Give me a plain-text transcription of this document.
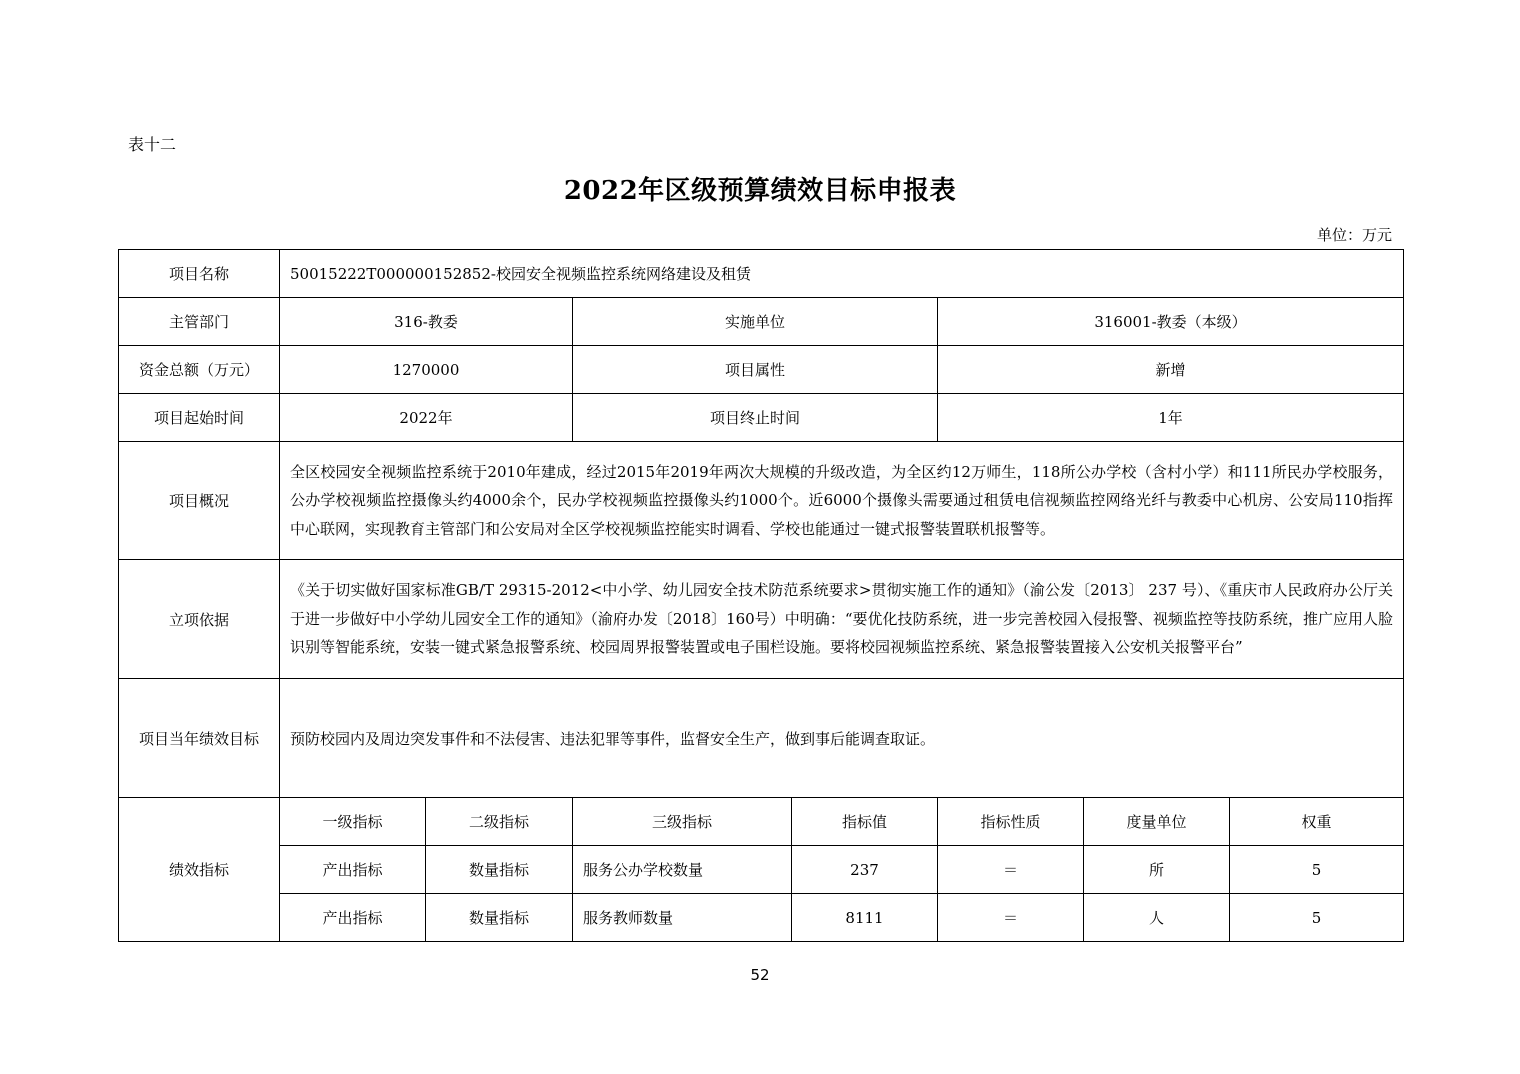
表十二
2022年区级预算绩效目标申报表
单位：万元
项目名称	50015222T000000152852-校园安全视频监控系统网络建设及租赁						
主管部门	316-教委		实施单位		316001-教委（本级）		
资金总额（万元）	1270000		项目属性		新增		
项目起始时间	2022年		项目终止时间		1年		
项目概况	全区校园安全视频监控系统于2010年建成，经过2015年2019年两次大规模的升级改造，为全区约12万师生，118所公办学校（含村小学）和111所民办学校服务，公办学校视频监控摄像头约4000余个，民办学校视频监控摄像头约1000个。近6000个摄像头需要通过租赁电信视频监控网络光纤与教委中心机房、公安局110指挥中心联网，实现教育主管部门和公安局对全区学校视频监控能实时调看、学校也能通过一键式报警装置联机报警等。						
立项依据	《关于切实做好国家标准GB/T 29315-2012<中小学、幼儿园安全技术防范系统要求>贯彻实施工作的通知》（渝公发〔2013〕 237 号）、《重庆市人民政府办公厅关于进一步做好中小学幼儿园安全工作的通知》（渝府办发〔2018〕160号）中明确：“要优化技防系统，进一步完善校园入侵报警、视频监控等技防系统，推广应用人脸识别等智能系统，安装一键式紧急报警系统、校园周界报警装置或电子围栏设施。要将校园视频监控系统、紧急报警装置接入公安机关报警平台”						
项目当年绩效目标	预防校园内及周边突发事件和不法侵害、违法犯罪等事件，监督安全生产，做到事后能调查取证。						
绩效指标	一级指标	二级指标	三级指标	指标值	指标性质	度量单位	权重
	产出指标	数量指标	服务公办学校数量	237	＝	所	5
	产出指标	数量指标	服务教师数量	8111	＝	人	5
52
